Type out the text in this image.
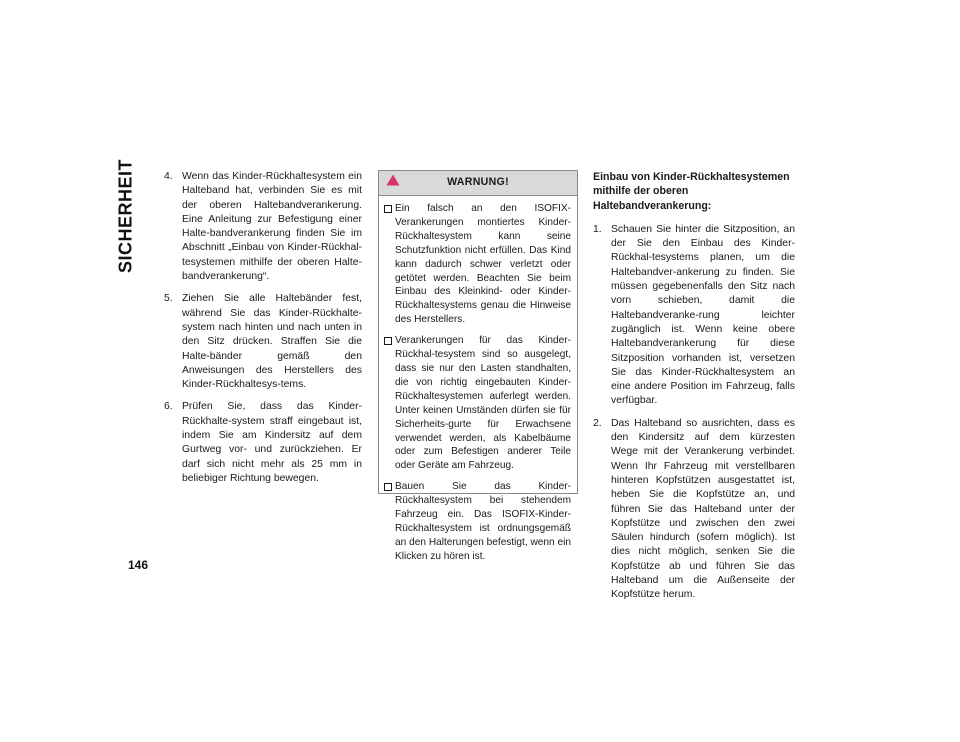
SICHERHEIT	4. Wenn das Kinder-Rückhaltesystem ein Halteband hat, verbinden Sie es mit der oberen Haltebandverankerung. Eine Anleitung zur Befestigung einer Halte-bandverankerung finden Sie im Abschnitt „Einbau von Kinder-Rückhal-tesystemen mithilfe der oberen Halte-bandverankerung“.
5. Ziehen Sie alle Haltebänder fest, während Sie das Kinder-Rückhalte-system nach hinten und nach unten in den Sitz drücken. Straffen Sie die Halte-bänder gemäß den Anweisungen des Herstellers des Kinder-Rückhaltesys-tems.
6. Prüfen Sie, dass das Kinder-Rückhalte-system straff eingebaut ist, indem Sie am Kindersitz auf dem Gurtweg vor- und zurückziehen. Er darf sich nicht mehr als 25 mm in beliebiger Richtung bewegen.
WARNUNG!
Ein falsch an den ISOFIX-Verankerungen montiertes Kinder-Rückhaltesystem kann seine Schutzfunktion nicht erfüllen. Das Kind kann dadurch schwer verletzt oder getötet werden. Beachten Sie beim Einbau des Kleinkind- oder Kinder-Rückhaltesystems genau die Hinweise des Herstellers.
Verankerungen für das Kinder-Rückhal-tesystem sind so ausgelegt, dass sie nur den Lasten standhalten, die von richtig eingebauten Kinder-Rückhaltesystemen auferlegt werden. Unter keinen Umständen dürfen sie für Sicherheits-gurte für Erwachsene verwendet werden, als Kabelbäume oder zum Befestigen anderer Teile oder Geräte am Fahrzeug.
Bauen Sie das Kinder-Rückhaltesystem bei stehendem Fahrzeug ein. Das ISOFIX-Kinder-Rückhaltesystem ist ordnungsgemäß an den Halterungen befestigt, wenn ein Klicken zu hören ist.
Einbau von Kinder-Rückhaltesystemen
mithilfe der oberen Haltebandverankerung:
1. Schauen Sie hinter die Sitzposition, an der Sie den Einbau des Kinder-Rückhal-tesystems planen, um die Haltebandver-ankerung zu finden. Sie müssen gegebenenfalls den Sitz nach vorn schieben, damit die Haltebandveranke-rung leichter zugänglich ist. Wenn keine obere Haltebandverankerung für diese Sitzposition vorhanden ist, versetzen Sie das Kinder-Rückhaltesystem an eine andere Position im Fahrzeug, falls verfügbar.
2. Das Halteband so ausrichten, dass es den Kindersitz auf dem kürzesten Wege mit der Verankerung verbindet. Wenn Ihr Fahrzeug mit verstellbaren hinteren Kopfstützen ausgestattet ist, heben Sie die Kopfstütze an, und führen Sie das Halteband unter der Kopfstütze und zwischen den zwei Säulen hindurch (sofern möglich). Ist dies nicht möglich, senken Sie die Kopfstütze ab und führen Sie das Halteband um die Außenseite der Kopfstütze herum.
146
